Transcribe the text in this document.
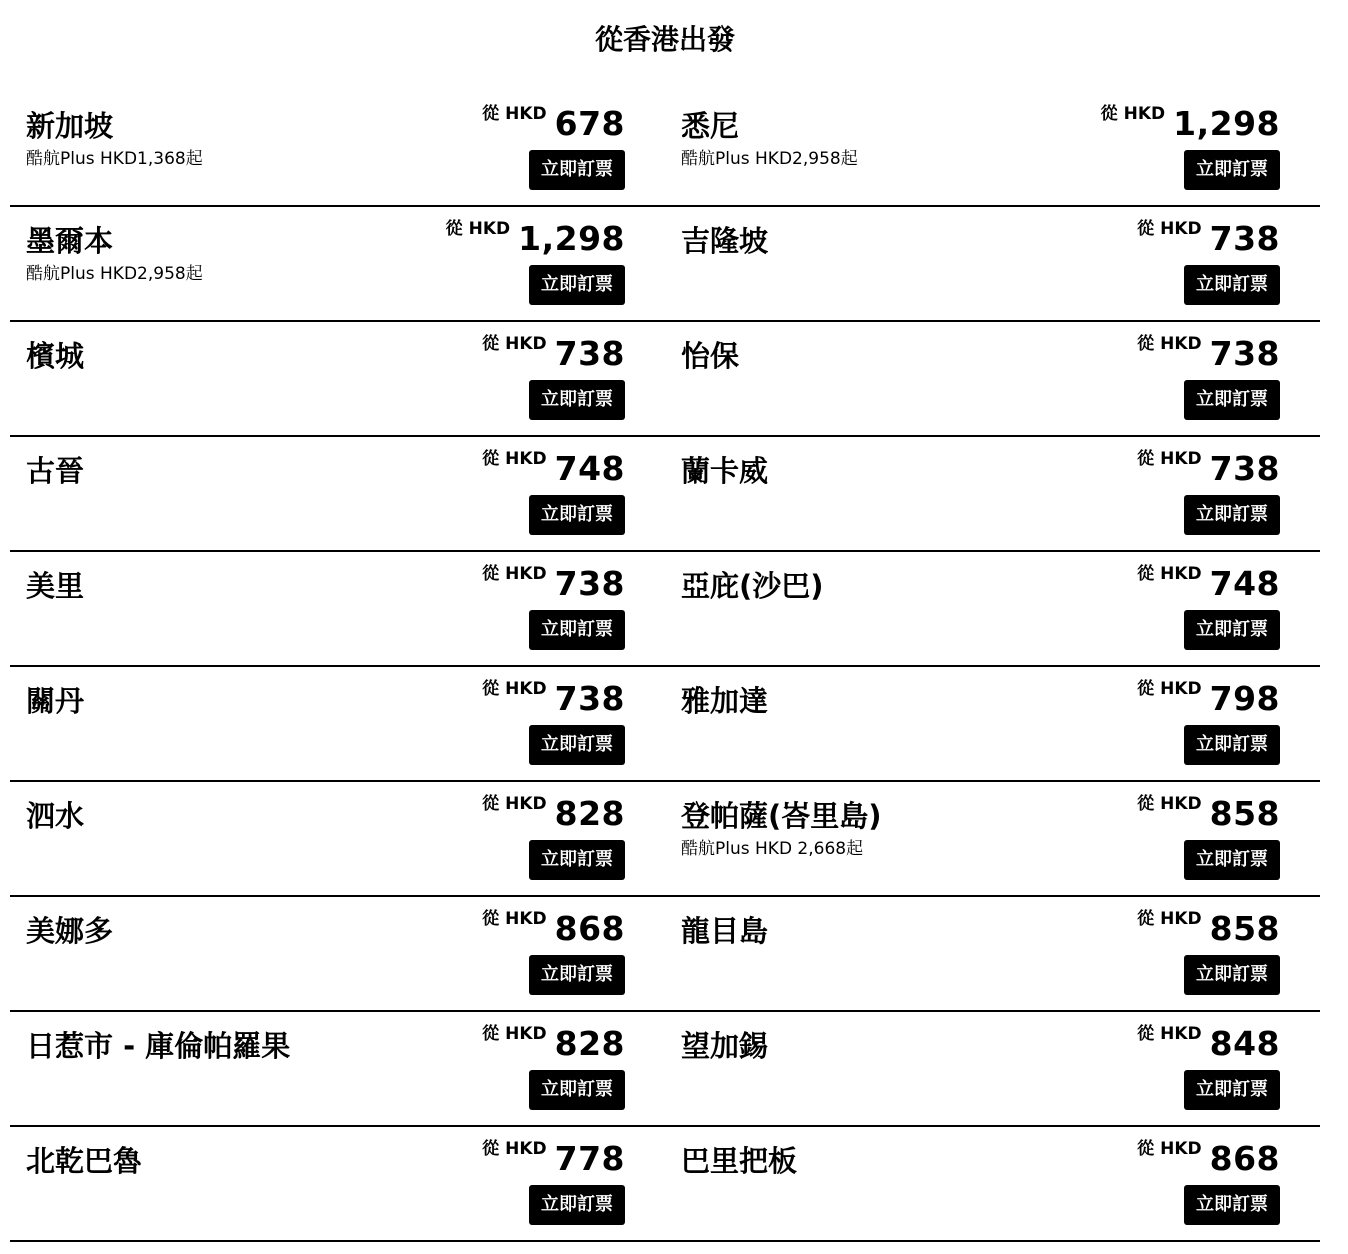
從香港出發
新加坡
酷航Plus HKD1,368起
從 HKD 678
立即訂票
悉尼
酷航Plus HKD2,958起
從 HKD 1,298
立即訂票
墨爾本
酷航Plus HKD2,958起
從 HKD 1,298
立即訂票
吉隆坡	從 HKD 738
立即訂票
檳城	從 HKD 738
立即訂票
怡保	從 HKD 738
立即訂票
古晉	從 HKD 748
立即訂票
蘭卡威	從 HKD 738
立即訂票
美里	從 HKD 738
立即訂票
亞庇(沙巴)	從 HKD 748
立即訂票
關丹	從 HKD 738
立即訂票
雅加達	從 HKD 798
立即訂票
泗水	從 HKD 828
立即訂票
登帕薩(峇里島)
酷航Plus HKD 2,668起
從 HKD 858
立即訂票
美娜多	從 HKD 868
立即訂票
龍目島	從 HKD 858
立即訂票
日惹市 - 庫倫帕羅果	從 HKD 828
立即訂票
望加錫	從 HKD 848
立即訂票
北乾巴魯	從 HKD 778
立即訂票
巴里把板	從 HKD 868
立即訂票
